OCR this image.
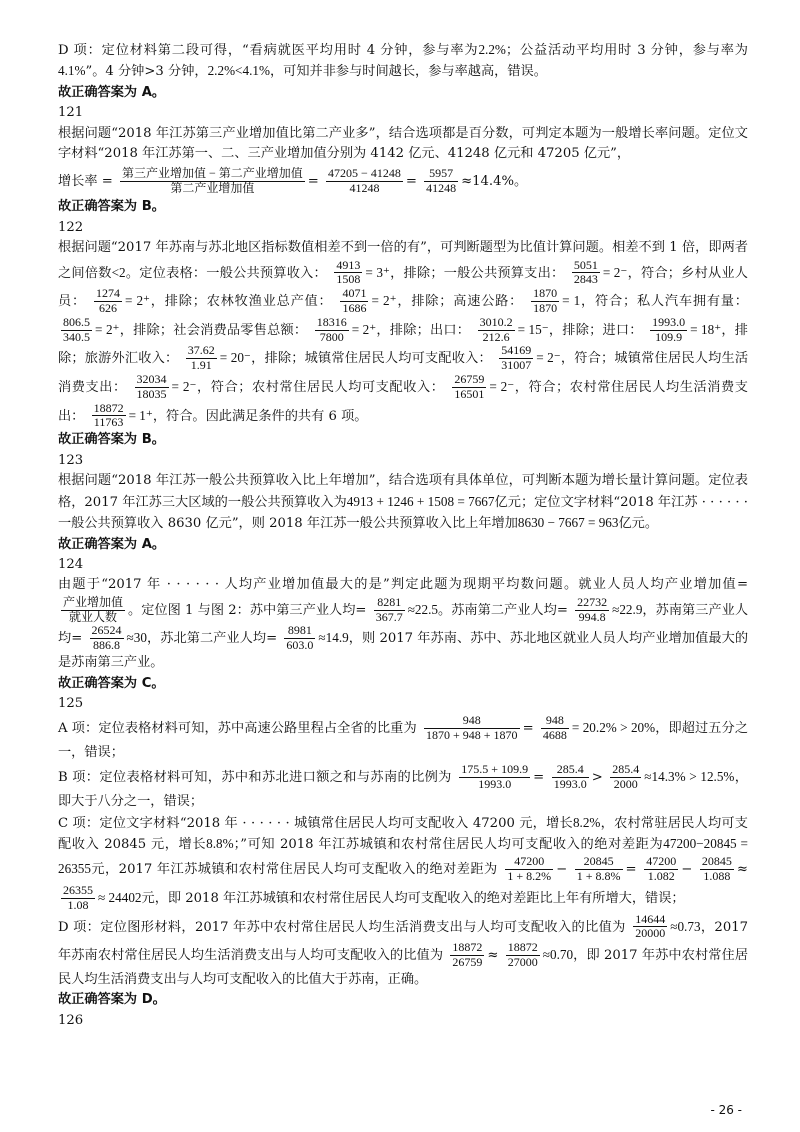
D 项：定位材料第二段可得，“看病就医平均用时 4 分钟，参与率为2.2%；公益活动平均用时 3 分钟，参与率为4.1%”。4 分钟>3 分钟，2.2%<4.1%，可知并非参与时间越长，参与率越高，错误。

故正确答案为 A。

121

根据问题“2018 年江苏第三产业增加值比第二产业多”，结合选项都是百分数，可判定本题为一般增长率问题。定位文字材料“2018 年江苏第一、二、三产业增加值分别为 4142 亿元、41248 亿元和 47205 亿元”，

增长率 = $\frac{\text{第三产业增加值 − 第二产业增加值}}{\text{第二产业增加值}} = \frac{47205 - 41248}{41248} = \frac{5957}{41248} \approx 14.4\%$。

故正确答案为 B。

122

根据问题“2017 年苏南与苏北地区指标数值相差不到一倍的有”，可判断题型为比值计算问题。相差不到 1 倍，即两者之间倍数<2。定位表格：一般公共预算收入： $\frac{4913}{1508} = 3^+$，排除；一般公共预算支出： $\frac{5051}{2843} = 2^-$，符合；乡村从业人员： $\frac{1274}{626} = 2^+$，排除；农林牧渔业总产值： $\frac{4071}{1686} = 2^+$，排除；高速公路： $\frac{1870}{1870} = 1$，符合；私人汽车拥有量：
$\frac{806.5}{340.5} = 2^+$，排除；社会消费品零售总额： $\frac{18316}{7800} = 2^+$，排除；出口： $\frac{3010.2}{212.6} = 15^-$，排除；进口： $\frac{1993.0}{109.9} = 18^+$，排除；旅游外汇收入： $\frac{37.62}{1.91} = 20^-$，排除；城镇常住居民人均可支配收入： $\frac{54169}{31007} = 2^-$，符合；城镇常住居民人均生活消费支出： $\frac{32034}{18035} = 2^-$，符合；农村常住居民人均可支配收入： $\frac{26759}{16501} = 2^-$，符合；农村常住居民人均生活消费支出： $\frac{18872}{11763} = 1^+$，符合。因此满足条件的共有 6 项。

故正确答案为 B。

123

根据问题“2018 年江苏一般公共预算收入比上年增加”，结合选项有具体单位，可判断本题为增长量计算问题。定位表格，2017 年江苏三大区域的一般公共预算收入为4913 + 1246 + 1508 = 7667亿元；定位文字材料“2018 年江苏 · · · · · · 一般公共预算收入 8630 亿元”，则 2018 年江苏一般公共预算收入比上年增加8630 − 7667 = 963亿元。

故正确答案为 A。

124

由题于“2017 年 · · · · · · 人均产业增加值最大的是”判定此题为现期平均数问题。就业人员人均产业增加值=
$\frac{\text{产业增加值}}{\text{就业人数}}$ 。定位图 1 与图 2：苏中第三产业人均= $\frac{8281}{367.7} \approx 22.5$。苏南第二产业人均= $\frac{22732}{994.8} \approx 22.9$，苏南第三产业人均= $\frac{26524}{886.8} \approx 30$，苏北第二产业人均= $\frac{8981}{603.0} \approx 14.9$，则 2017 年苏南、苏中、苏北地区就业人员人均产业增加值最大的是苏南第三产业。

故正确答案为 C。

125

A 项：定位表格材料可知，苏中高速公路里程占全省的比重为 $\frac{948}{1870 + 948 + 1870} = \frac{948}{4688} = 20.2\% > 20\%$，即超过五分之一，错误；

B 项：定位表格材料可知，苏中和苏北进口额之和与苏南的比例为 $\frac{175.5 + 109.9}{1993.0} = \frac{285.4}{1993.0} > \frac{285.4}{2000} \approx 14.3\% > 12.5\%$，即大于八分之一，错误；

C 项：定位文字材料“2018 年 · · · · · · 城镇常住居民人均可支配收入 47200 元，增长8.2%，农村常驻居民人均可支配收入 20845 元，增长8.8%；”可知 2018 年江苏城镇和农村常住居民人均可支配收入的绝对差距为47200−20845 = 26355元，2017 年江苏城镇和农村常住居民人均可支配收入的绝对差距为 $\frac{47200}{1 + 8.2\%} - \frac{20845}{1 + 8.8\%} = \frac{47200}{1.082} - \frac{20845}{1.088}$ ≈
$\frac{26355}{1.08} \approx 24402$元，即 2018 年江苏城镇和农村常住居民人均可支配收入的绝对差距比上年有所增大，错误；

D 项：定位图形材料，2017 年苏中农村常住居民人均生活消费支出与人均可支配收入的比值为 $\frac{14644}{20000} \approx 0.73$，2017 年苏南农村常住居民人均生活消费支出与人均可支配收入的比值为 $\frac{18872}{26759} \approx \frac{18872}{27000} \approx 0.70$，即 2017 年苏中农村常住居民人均生活消费支出与人均可支配收入的比值大于苏南，正确。

故正确答案为 D。

126

- 26 -
